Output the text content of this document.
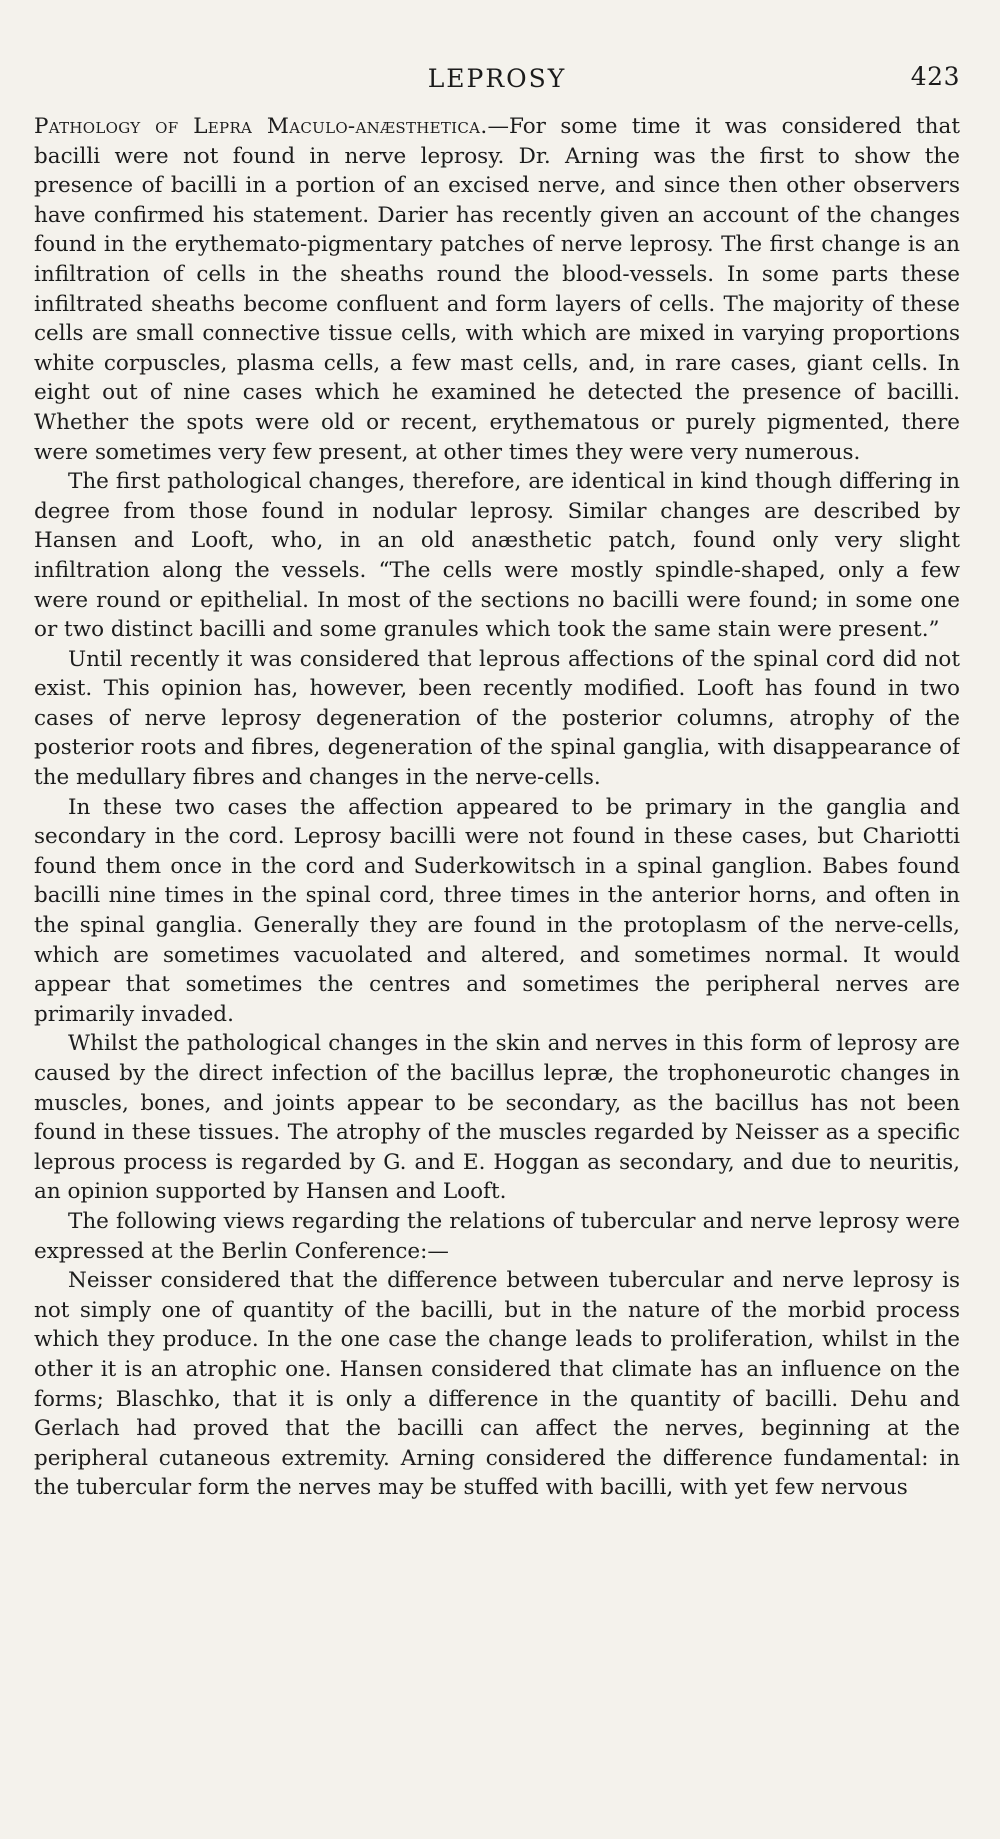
LEPROSY	423

Pathology of Lepra Maculo-anæsthetica.—For some time it was considered that bacilli were not found in nerve leprosy. Dr. Arning was the first to show the presence of bacilli in a portion of an excised nerve, and since then other observers have confirmed his statement. Darier has recently given an account of the changes found in the erythemato-pigmentary patches of nerve leprosy. The first change is an infiltration of cells in the sheaths round the blood-vessels. In some parts these infiltrated sheaths become confluent and form layers of cells. The majority of these cells are small connective tissue cells, with which are mixed in varying proportions white corpuscles, plasma cells, a few mast cells, and, in rare cases, giant cells. In eight out of nine cases which he examined he detected the presence of bacilli. Whether the spots were old or recent, erythematous or purely pigmented, there were sometimes very few present, at other times they were very numerous.

The first pathological changes, therefore, are identical in kind though differing in degree from those found in nodular leprosy. Similar changes are described by Hansen and Looft, who, in an old anæsthetic patch, found only very slight infiltration along the vessels. “The cells were mostly spindle-shaped, only a few were round or epithelial. In most of the sections no bacilli were found; in some one or two distinct bacilli and some granules which took the same stain were present.”

Until recently it was considered that leprous affections of the spinal cord did not exist. This opinion has, however, been recently modified. Looft has found in two cases of nerve leprosy degeneration of the posterior columns, atrophy of the posterior roots and fibres, degeneration of the spinal ganglia, with disappearance of the medullary fibres and changes in the nerve-cells.

In these two cases the affection appeared to be primary in the ganglia and secondary in the cord. Leprosy bacilli were not found in these cases, but Chariotti found them once in the cord and Suderkowitsch in a spinal ganglion. Babes found bacilli nine times in the spinal cord, three times in the anterior horns, and often in the spinal ganglia. Generally they are found in the protoplasm of the nerve-cells, which are sometimes vacuolated and altered, and sometimes normal. It would appear that sometimes the centres and sometimes the peripheral nerves are primarily invaded.

Whilst the pathological changes in the skin and nerves in this form of leprosy are caused by the direct infection of the bacillus lepræ, the trophoneurotic changes in muscles, bones, and joints appear to be secondary, as the bacillus has not been found in these tissues. The atrophy of the muscles regarded by Neisser as a specific leprous process is regarded by G. and E. Hoggan as secondary, and due to neuritis, an opinion supported by Hansen and Looft.

The following views regarding the relations of tubercular and nerve leprosy were expressed at the Berlin Conference:—

Neisser considered that the difference between tubercular and nerve leprosy is not simply one of quantity of the bacilli, but in the nature of the morbid process which they produce. In the one case the change leads to proliferation, whilst in the other it is an atrophic one. Hansen considered that climate has an influence on the forms; Blaschko, that it is only a difference in the quantity of bacilli. Dehu and Gerlach had proved that the bacilli can affect the nerves, beginning at the peripheral cutaneous extremity. Arning considered the difference fundamental: in the tubercular form the nerves may be stuffed with bacilli, with yet few nervous
